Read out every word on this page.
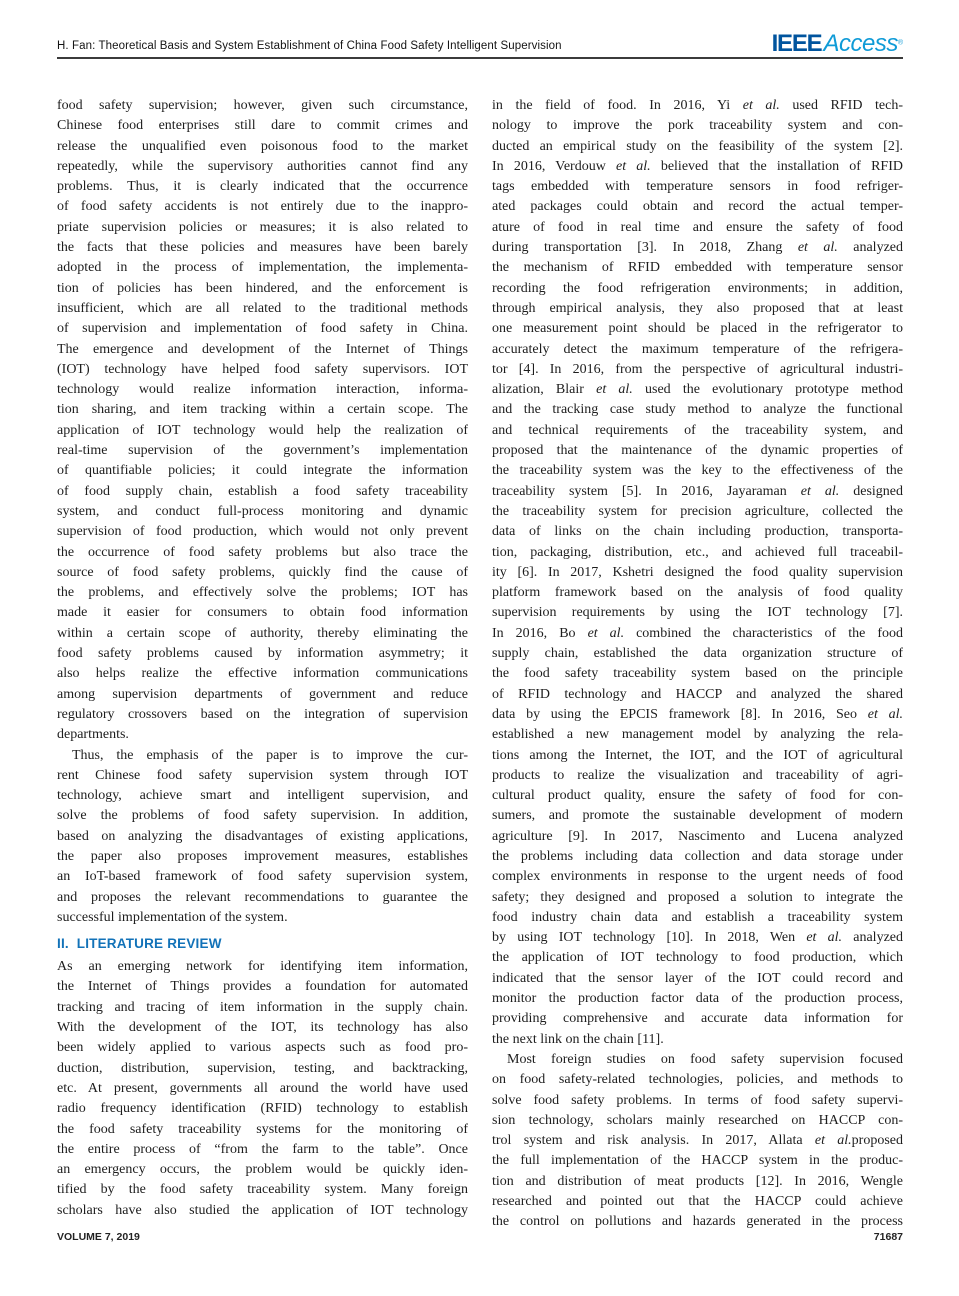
H. Fan: Theoretical Basis and System Establishment of China Food Safety Intelligent Supervision	IEEEAccess®
food safety supervision; however, given such circumstance,
Chinese food enterprises still dare to commit crimes and
release the unqualified even poisonous food to the market
repeatedly, while the supervisory authorities cannot find any
problems. Thus, it is clearly indicated that the occurrence
of food safety accidents is not entirely due to the inappro-
priate supervision policies or measures; it is also related to
the facts that these policies and measures have been barely
adopted in the process of implementation, the implementa-
tion of policies has been hindered, and the enforcement is
insufficient, which are all related to the traditional methods
of supervision and implementation of food safety in China.
The emergence and development of the Internet of Things
(IOT) technology have helped food safety supervisors. IOT
technology would realize information interaction, informa-
tion sharing, and item tracking within a certain scope. The
application of IOT technology would help the realization of
real-time supervision of the government’s implementation
of quantifiable policies; it could integrate the information
of food supply chain, establish a food safety traceability
system, and conduct full-process monitoring and dynamic
supervision of food production, which would not only prevent
the occurrence of food safety problems but also trace the
source of food safety problems, quickly find the cause of
the problems, and effectively solve the problems; IOT has
made it easier for consumers to obtain food information
within a certain scope of authority, thereby eliminating the
food safety problems caused by information asymmetry; it
also helps realize the effective information communications
among supervision departments of government and reduce
regulatory crossovers based on the integration of supervision
departments.
Thus, the emphasis of the paper is to improve the cur-
rent Chinese food safety supervision system through IOT
technology, achieve smart and intelligent supervision, and
solve the problems of food safety supervision. In addition,
based on analyzing the disadvantages of existing applications,
the paper also proposes improvement measures, establishes
an IoT-based framework of food safety supervision system,
and proposes the relevant recommendations to guarantee the
successful implementation of the system.
II.  LITERATURE REVIEW
As an emerging network for identifying item information,
the Internet of Things provides a foundation for automated
tracking and tracing of item information in the supply chain.
With the development of the IOT, its technology has also
been widely applied to various aspects such as food pro-
duction, distribution, supervision, testing, and backtracking,
etc. At present, governments all around the world have used
radio frequency identification (RFID) technology to establish
the food safety traceability systems for the monitoring of
the entire process of “from the farm to the table”. Once
an emergency occurs, the problem would be quickly iden-
tified by the food safety traceability system. Many foreign
scholars have also studied the application of IOT technology
in the field of food. In 2016, Yi et al. used RFID tech-
nology to improve the pork traceability system and con-
ducted an empirical study on the feasibility of the system [2].
In 2016, Verdouw et al. believed that the installation of RFID
tags embedded with temperature sensors in food refriger-
ated packages could obtain and record the actual temper-
ature of food in real time and ensure the safety of food
during transportation [3]. In 2018, Zhang et al. analyzed
the mechanism of RFID embedded with temperature sensor
recording the food refrigeration environments; in addition,
through empirical analysis, they also proposed that at least
one measurement point should be placed in the refrigerator to
accurately detect the maximum temperature of the refrigera-
tor [4]. In 2016, from the perspective of agricultural industri-
alization, Blair et al. used the evolutionary prototype method
and the tracking case study method to analyze the functional
and technical requirements of the traceability system, and
proposed that the maintenance of the dynamic properties of
the traceability system was the key to the effectiveness of the
traceability system [5]. In 2016, Jayaraman et al. designed
the traceability system for precision agriculture, collected the
data of links on the chain including production, transporta-
tion, packaging, distribution, etc., and achieved full traceabil-
ity [6]. In 2017, Kshetri designed the food quality supervision
platform framework based on the analysis of food quality
supervision requirements by using the IOT technology [7].
In 2016, Bo et al. combined the characteristics of the food
supply chain, established the data organization structure of
the food safety traceability system based on the principle
of RFID technology and HACCP and analyzed the shared
data by using the EPCIS framework [8]. In 2016, Seo et al.
established a new management model by analyzing the rela-
tions among the Internet, the IOT, and the IOT of agricultural
products to realize the visualization and traceability of agri-
cultural product quality, ensure the safety of food for con-
sumers, and promote the sustainable development of modern
agriculture [9]. In 2017, Nascimento and Lucena analyzed
the problems including data collection and data storage under
complex environments in response to the urgent needs of food
safety; they designed and proposed a solution to integrate the
food industry chain data and establish a traceability system
by using IOT technology [10]. In 2018, Wen et al. analyzed
the application of IOT technology to food production, which
indicated that the sensor layer of the IOT could record and
monitor the production factor data of the production process,
providing comprehensive and accurate data information for
the next link on the chain [11].
Most foreign studies on food safety supervision focused
on food safety-related technologies, policies, and methods to
solve food safety problems. In terms of food safety supervi-
sion technology, scholars mainly researched on HACCP con-
trol system and risk analysis. In 2017, Allata et al.proposed
the full implementation of the HACCP system in the produc-
tion and distribution of meat products [12]. In 2016, Wengle
researched and pointed out that the HACCP could achieve
the control on pollutions and hazards generated in the process
VOLUME 7, 2019	71687
